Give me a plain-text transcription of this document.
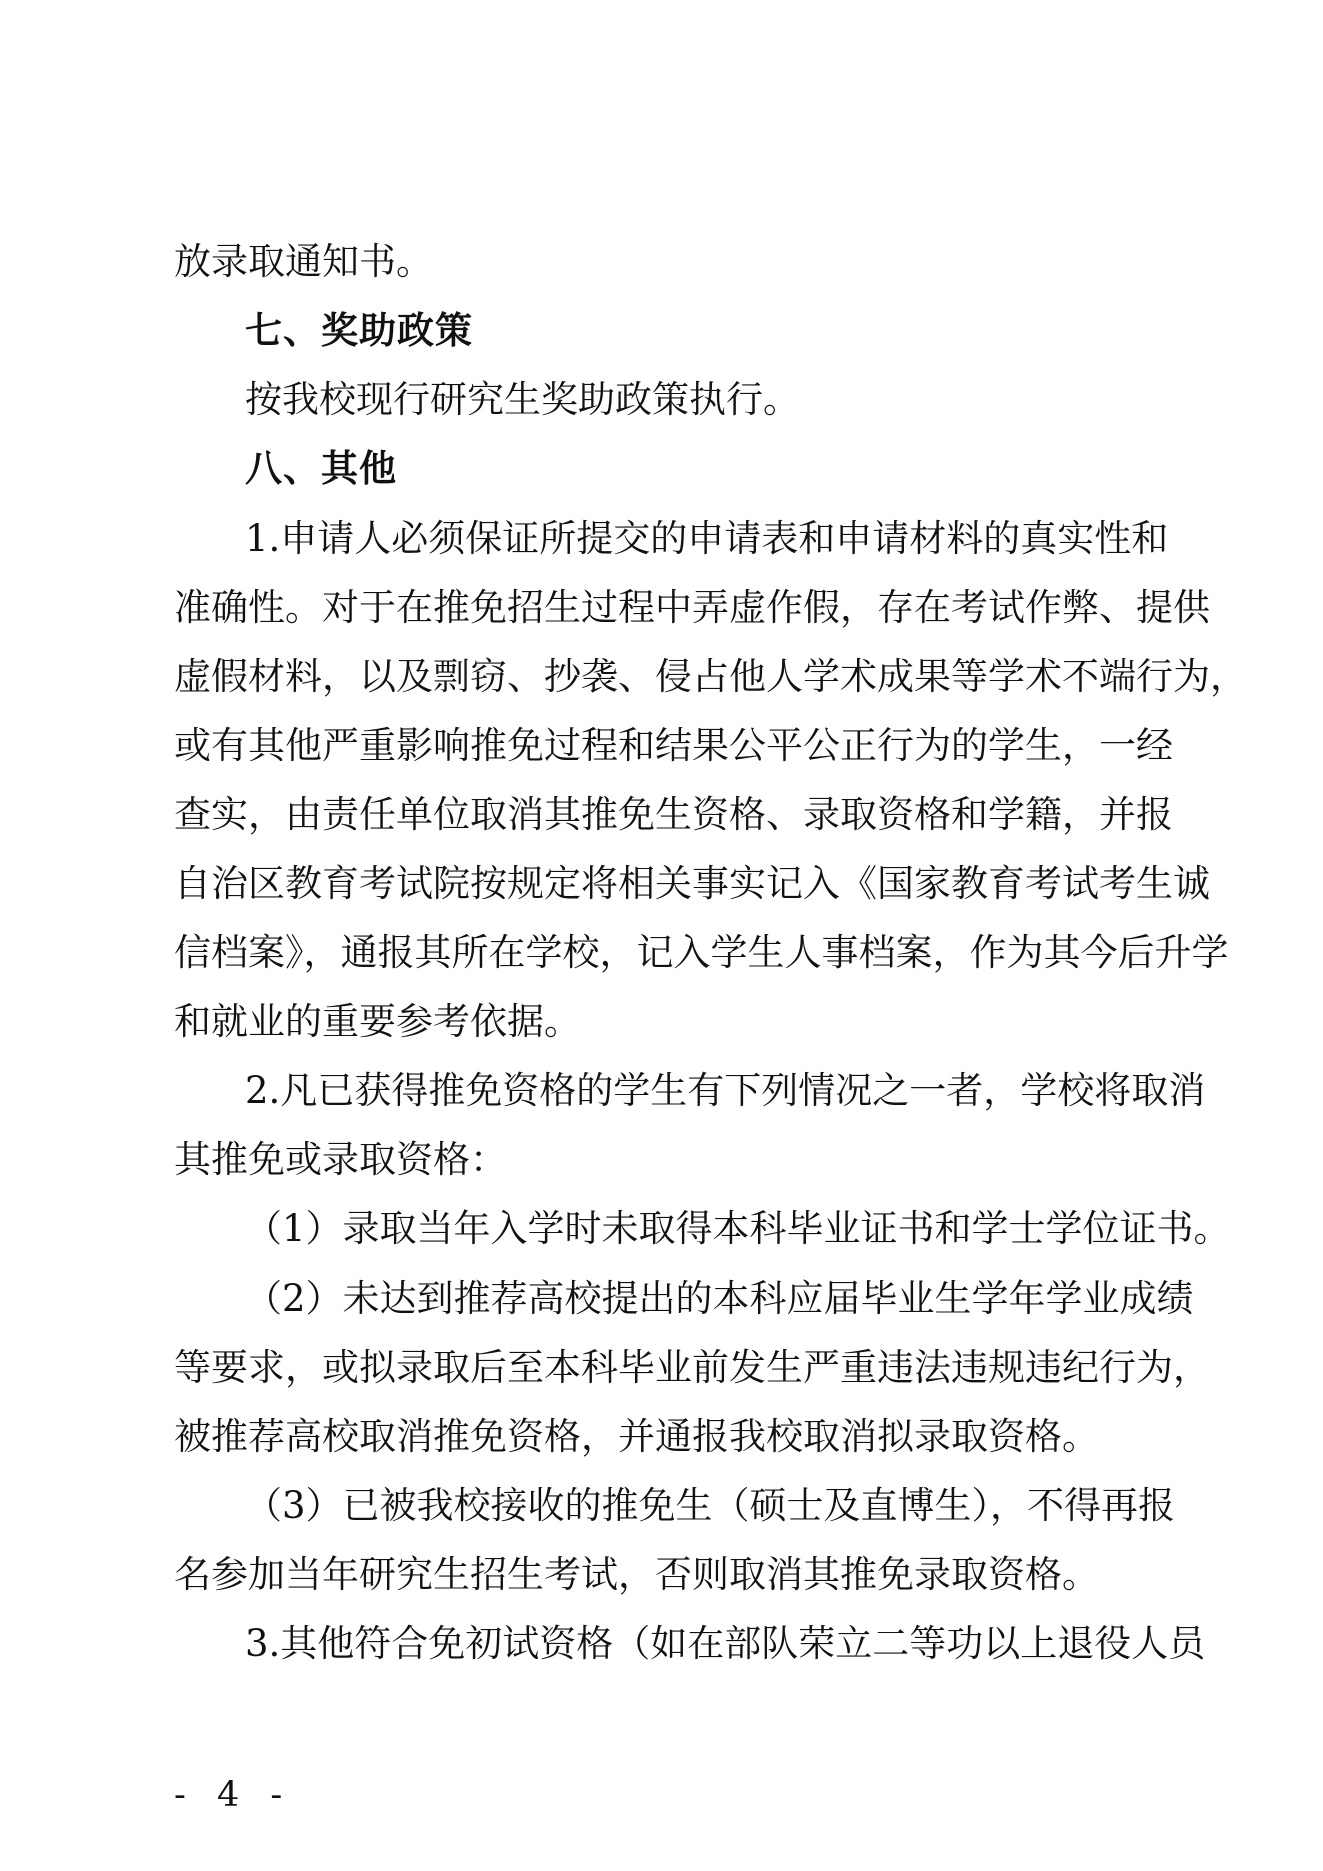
放录取通知书。
七、奖助政策
按我校现行研究生奖助政策执行。
八、其他
1.申请人必须保证所提交的申请表和申请材料的真实性和
准确性。对于在推免招生过程中弄虚作假，存在考试作弊、提供
虚假材料，以及剽窃、抄袭、侵占他人学术成果等学术不端行为，
或有其他严重影响推免过程和结果公平公正行为的学生，一经
查实，由责任单位取消其推免生资格、录取资格和学籍，并报
自治区教育考试院按规定将相关事实记入《国家教育考试考生诚
信档案》，通报其所在学校，记入学生人事档案，作为其今后升学
和就业的重要参考依据。
2.凡已获得推免资格的学生有下列情况之一者，学校将取消
其推免或录取资格：
（1）录取当年入学时未取得本科毕业证书和学士学位证书。
（2）未达到推荐高校提出的本科应届毕业生学年学业成绩
等要求，或拟录取后至本科毕业前发生严重违法违规违纪行为，
被推荐高校取消推免资格，并通报我校取消拟录取资格。
（3）已被我校接收的推免生（硕士及直博生），不得再报
名参加当年研究生招生考试，否则取消其推免录取资格。
3.其他符合免初试资格（如在部队荣立二等功以上退役人员
- 4 -
